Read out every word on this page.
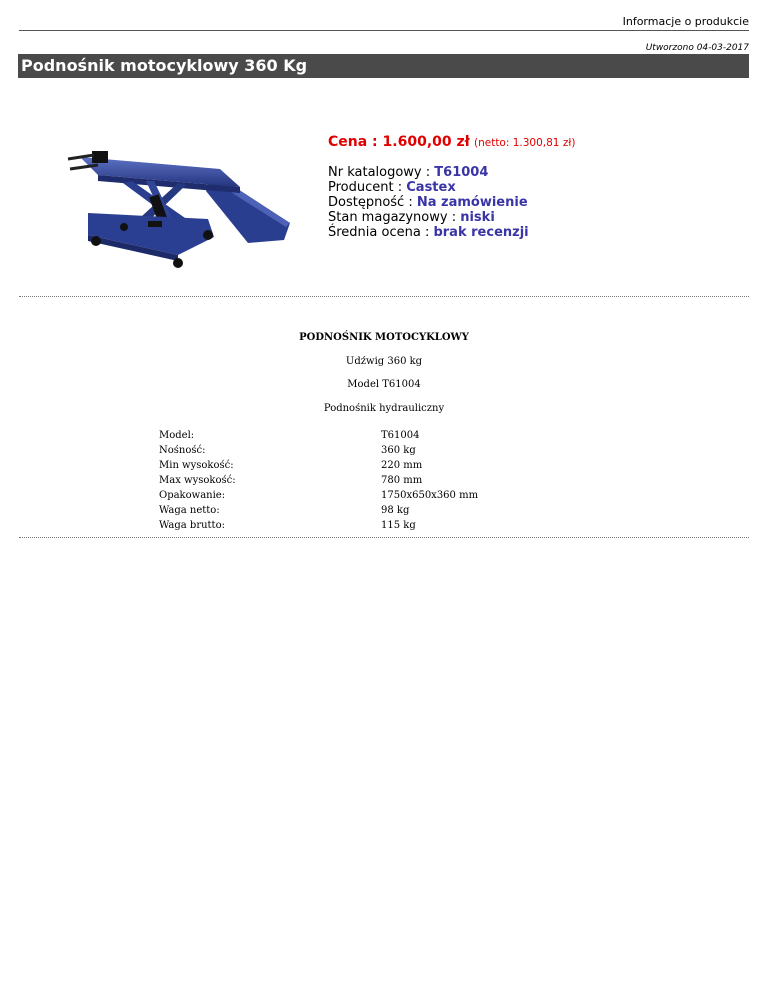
Informacje o produkcie
Utworzono 04-03-2017
Podnośnik motocyklowy 360 Kg
Cena : 1.600,00 zł (netto: 1.300,81 zł)
Nr katalogowy : T61004
Producent : Castex
Dostępność : Na zamówienie
Stan magazynowy : niski
Średnia ocena : brak recenzji
PODNOŚNIK MOTOCYKLOWY
Udźwig 360 kg
Model T61004
Podnośnik hydrauliczny
Model:	T61004
Nośność:	360 kg
Min wysokość:	220 mm
Max wysokość:	780 mm
Opakowanie:	1750x650x360 mm
Waga netto:	98 kg
Waga brutto:	115 kg
